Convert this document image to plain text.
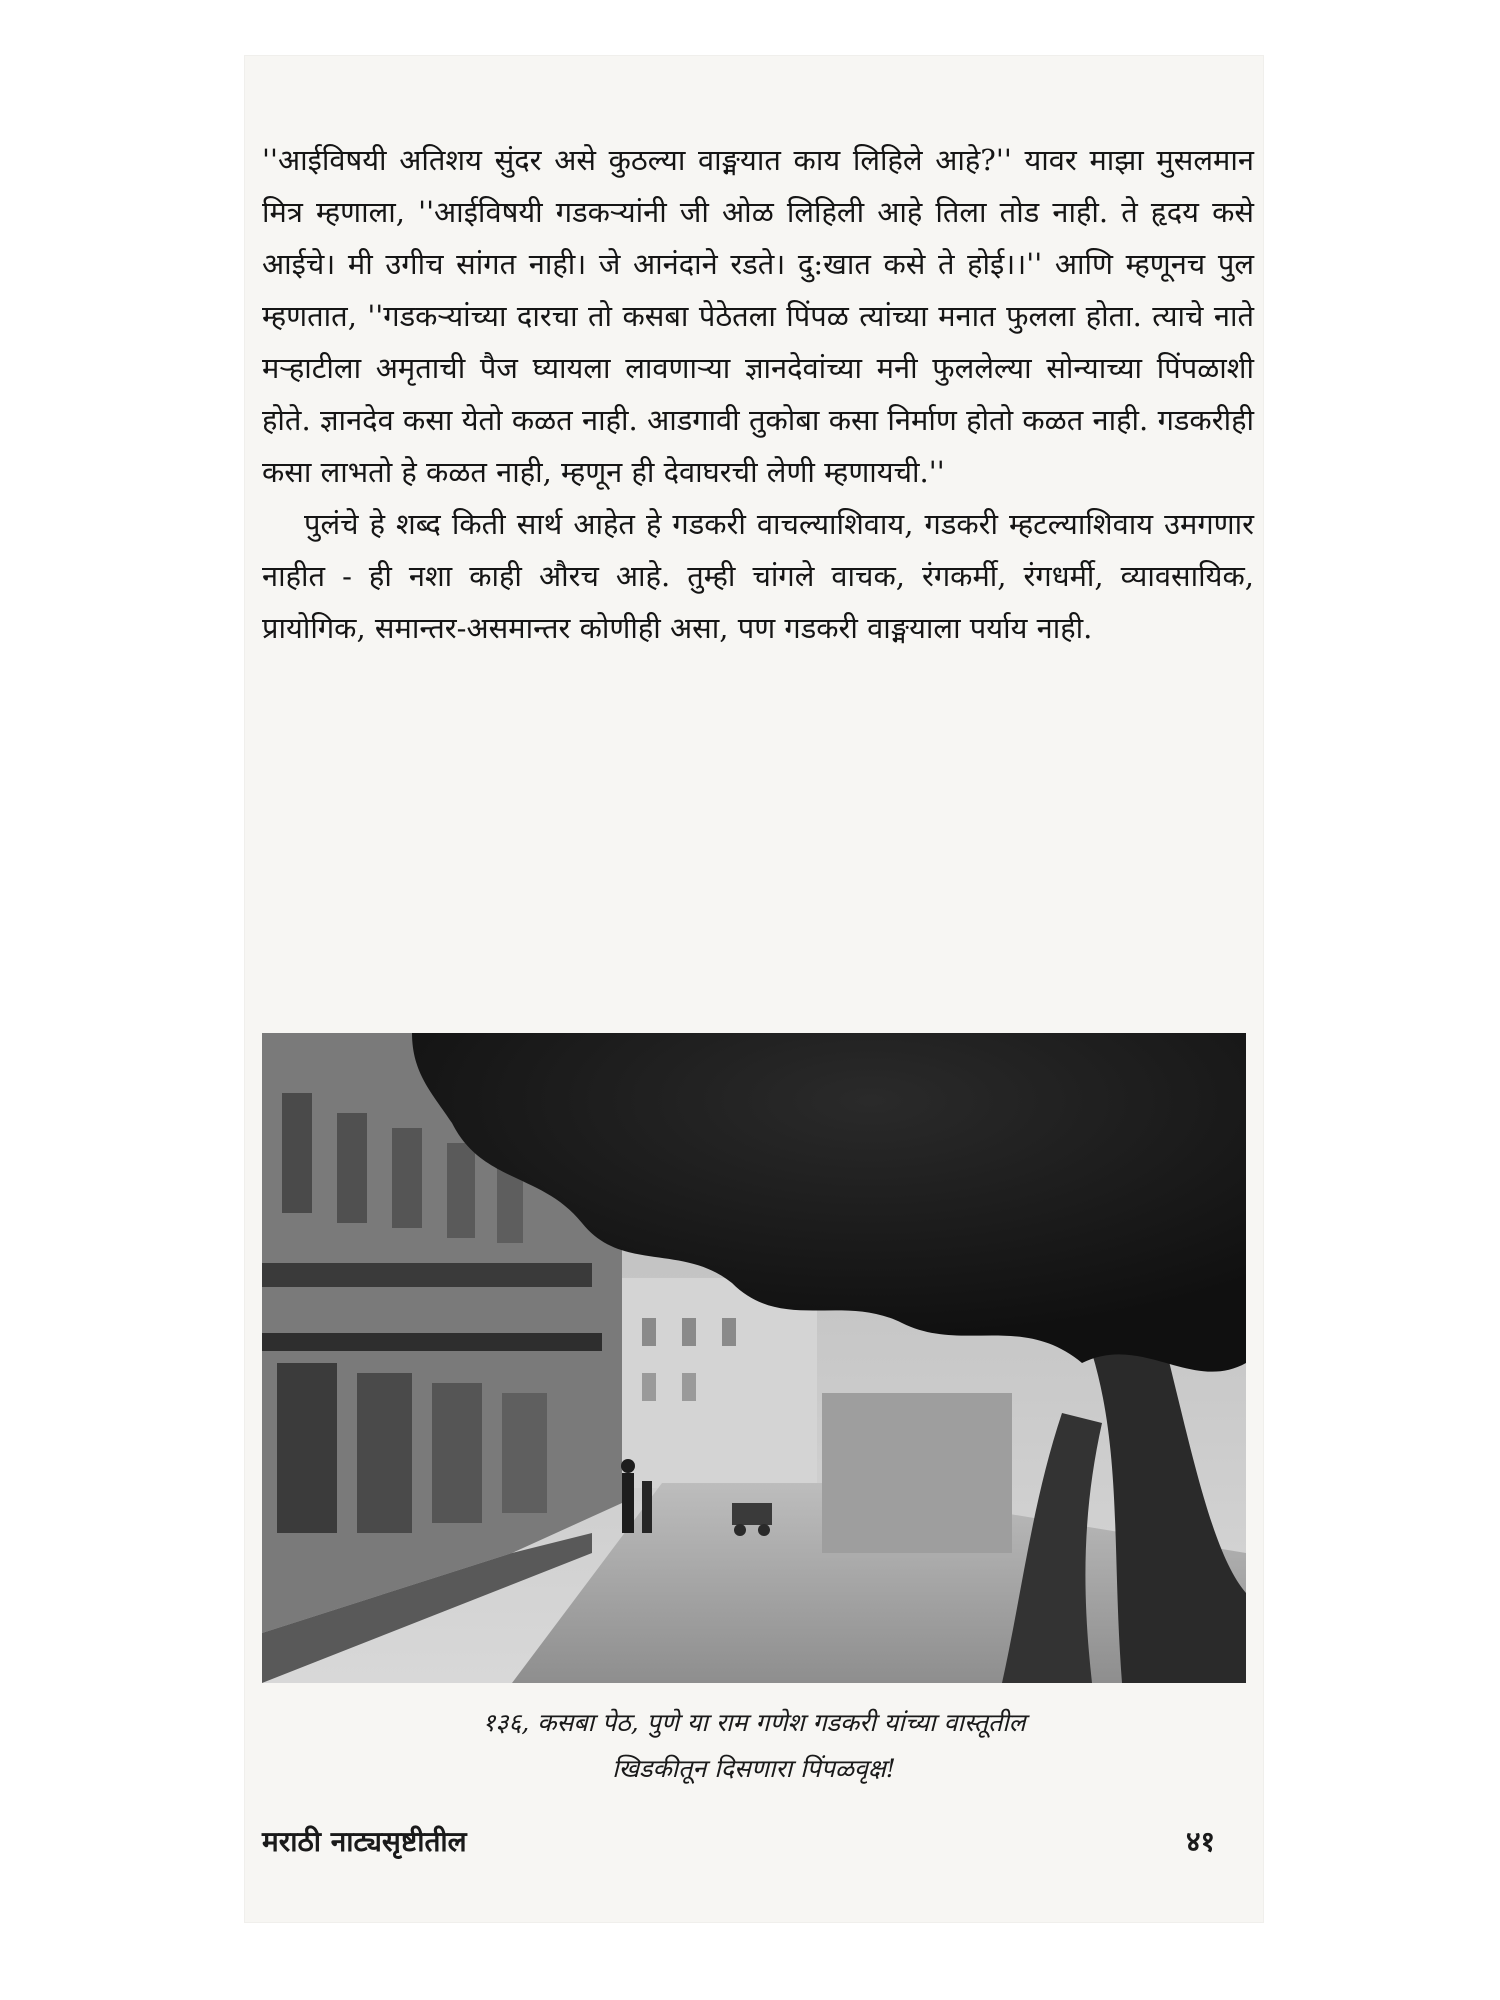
''आईविषयी अतिशय सुंदर असे कुठल्या वाङ्मयात काय लिहिले आहे?'' यावर माझा मुसलमान मित्र म्हणाला, ''आईविषयी गडकऱ्यांनी जी ओळ लिहिली आहे तिला तोड नाही. ते हृदय कसे आईचे। मी उगीच सांगत नाही। जे आनंदाने रडते। दु:खात कसे ते होई।।'' आणि म्हणूनच पुल म्हणतात, ''गडकऱ्यांच्या दारचा तो कसबा पेठेतला पिंपळ त्यांच्या मनात फुलला होता. त्याचे नाते मऱ्हाटीला अमृताची पैज घ्यायला लावणाऱ्या ज्ञानदेवांच्या मनी फुललेल्या सोन्याच्या पिंपळाशी होते. ज्ञानदेव कसा येतो कळत नाही. आडगावी तुकोबा कसा निर्माण होतो कळत नाही. गडकरीही कसा लाभतो हे कळत नाही, म्हणून ही देवाघरची लेणी म्हणायची.''

पुलंचे हे शब्द किती सार्थ आहेत हे गडकरी वाचल्याशिवाय, गडकरी म्हटल्याशिवाय उमगणार नाहीत - ही नशा काही औरच आहे. तुम्ही चांगले वाचक, रंगकर्मी, रंगधर्मी, व्यावसायिक, प्रायोगिक, समान्तर-असमान्तर कोणीही असा, पण गडकरी वाङ्मयाला पर्याय नाही.

१३६, कसबा पेठ, पुणे या राम गणेश गडकरी यांच्या वास्तूतील
खिडकीतून दिसणारा पिंपळवृक्ष!

मराठी नाट्यसृष्टीतील	४१
